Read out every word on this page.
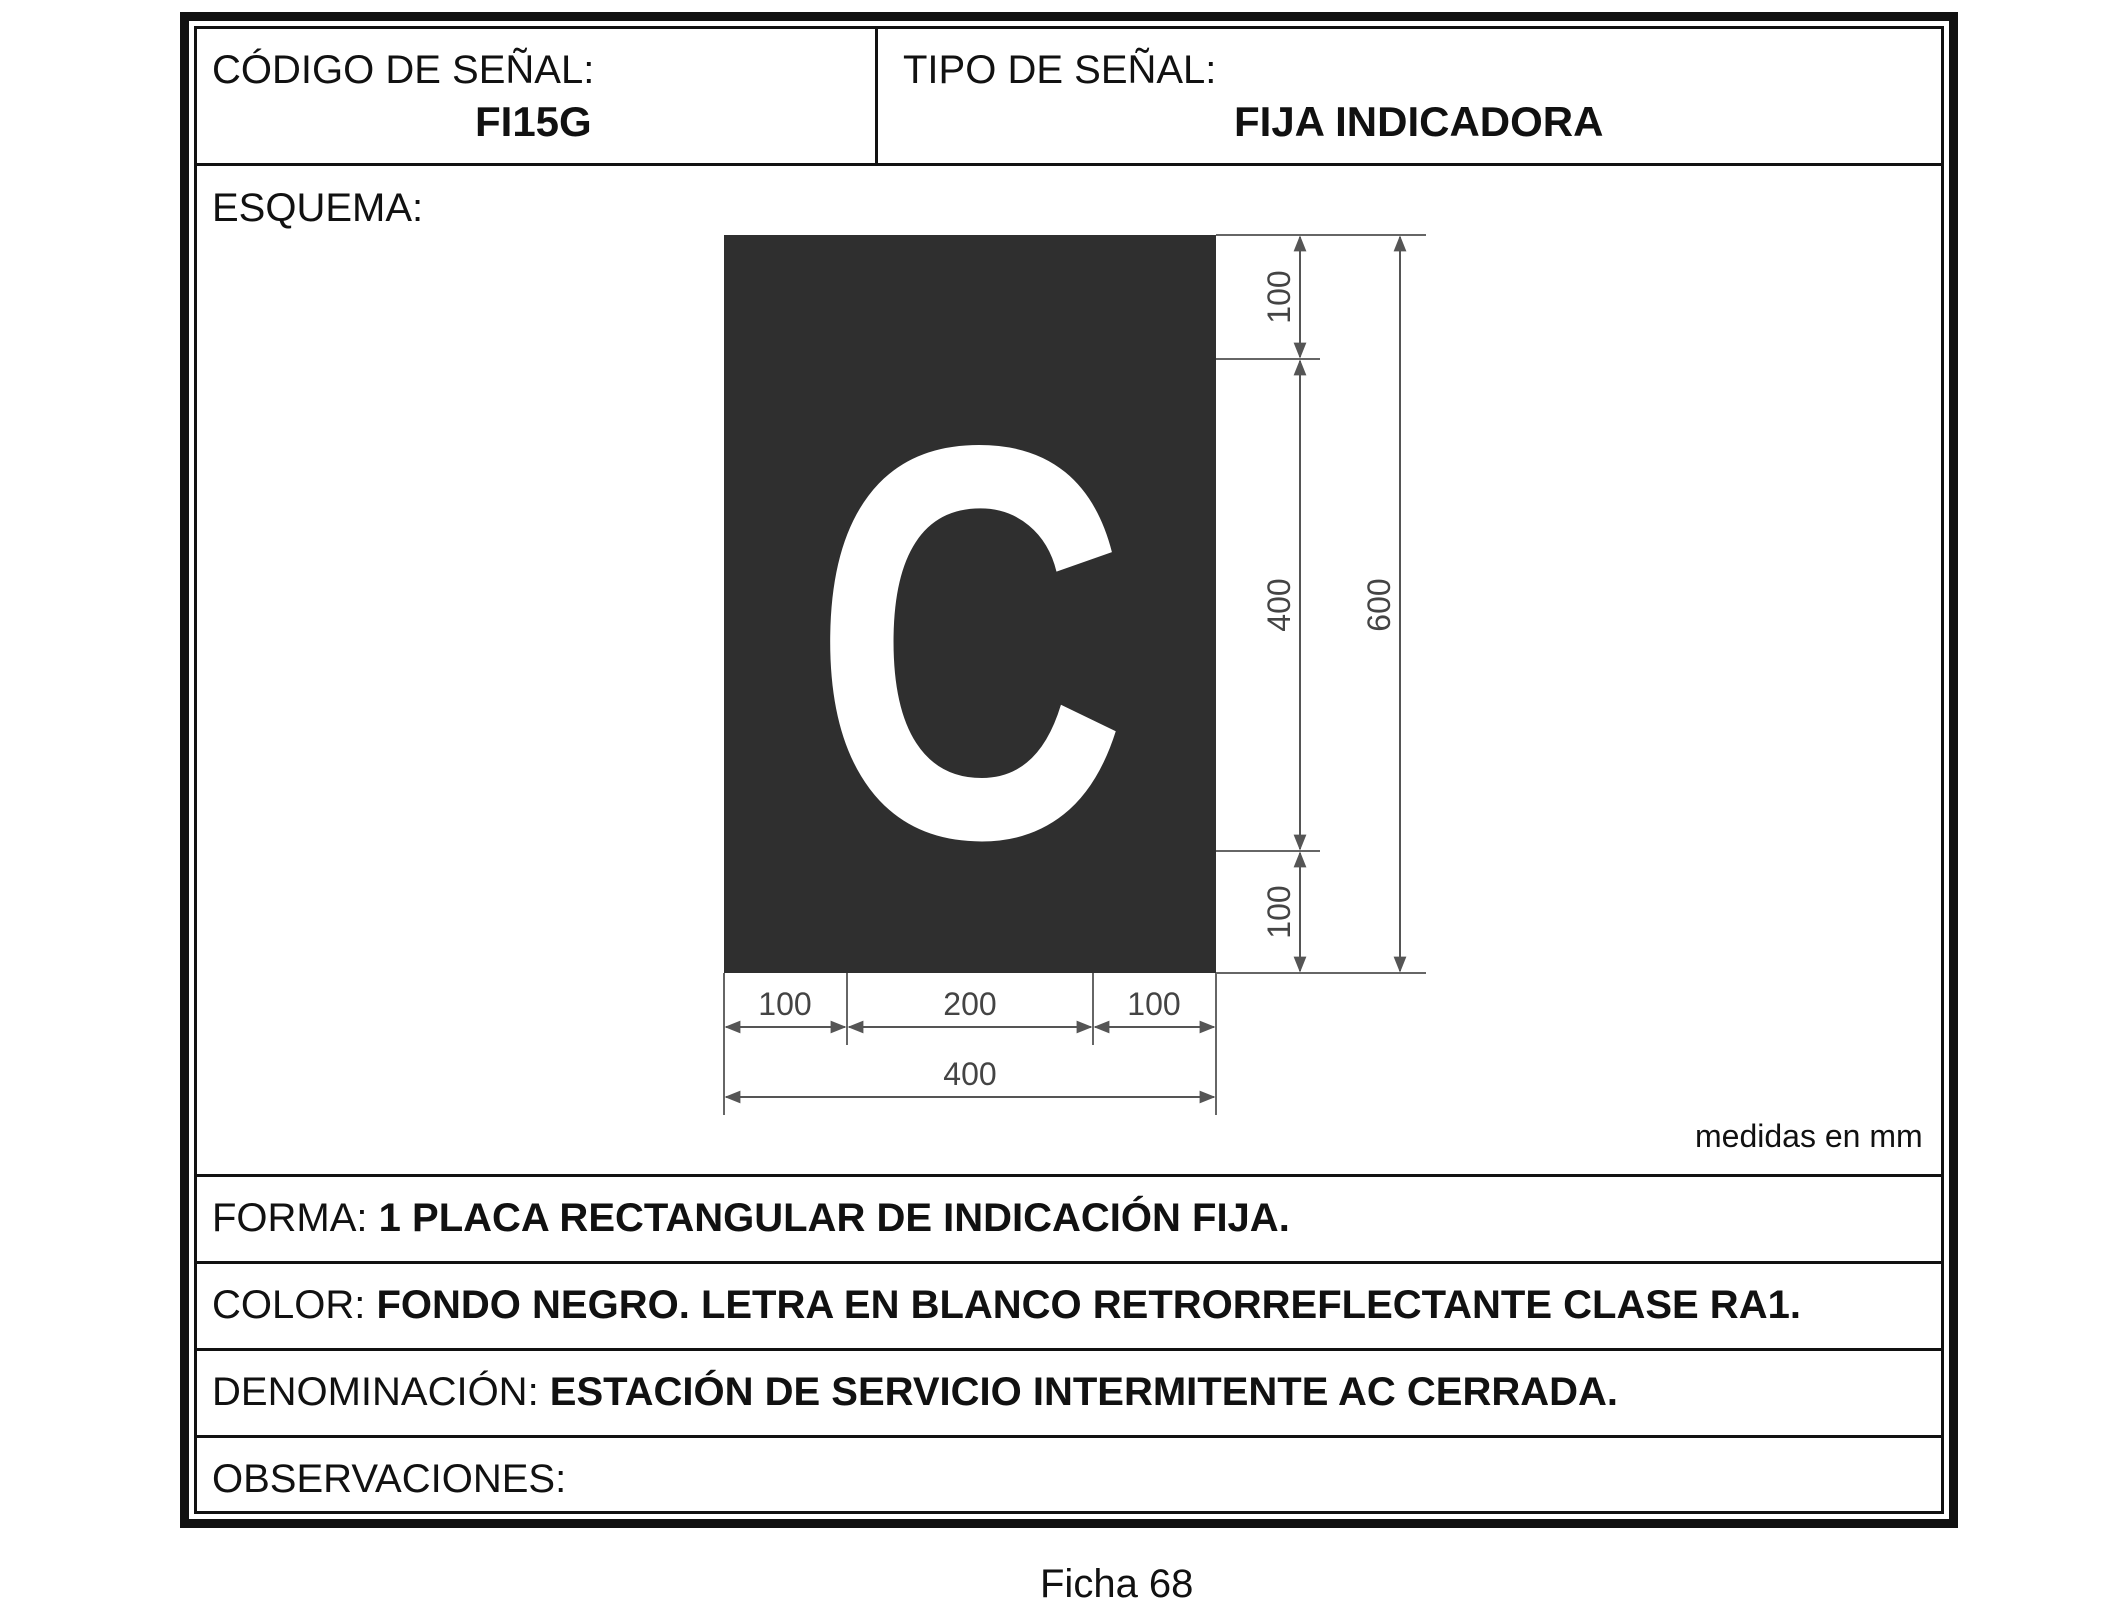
CÓDIGO DE SEÑAL:
FI15G
TIPO DE SEÑAL:
FIJA INDICADORA
ESQUEMA:
C
100
400
100
600
100	200	100
400
medidas en mm
FORMA: 1 PLACA RECTANGULAR DE INDICACIÓN FIJA.
COLOR: FONDO NEGRO. LETRA EN BLANCO RETRORREFLECTANTE CLASE RA1.
DENOMINACIÓN: ESTACIÓN DE SERVICIO INTERMITENTE AC CERRADA.
OBSERVACIONES:
Ficha 68
